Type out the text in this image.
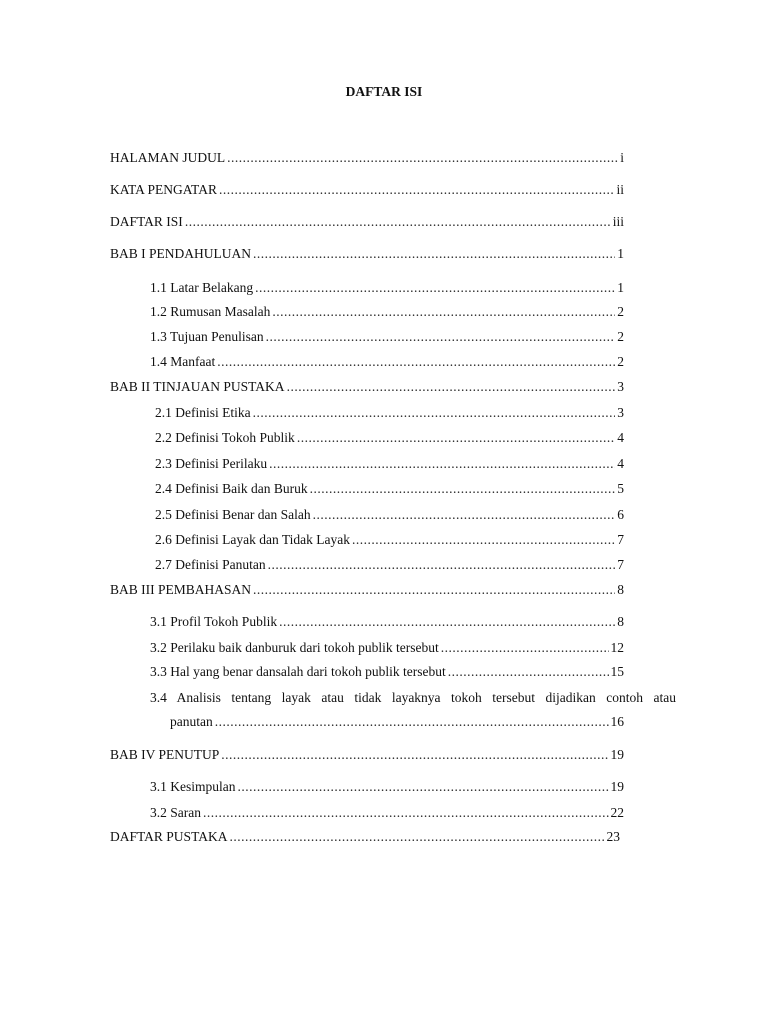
DAFTAR ISI
HALAMAN JUDUL .....	i
KATA PENGATAR .....	ii
DAFTAR ISI .....	iii
BAB I PENDAHULUAN .....	1
1.1 Latar Belakang .....	1
1.2 Rumusan Masalah .....	2
1.3 Tujuan Penulisan .....	2
1.4 Manfaat .....	2
BAB II TINJAUAN PUSTAKA .....	3
2.1 Definisi Etika .....	3
2.2 Definisi Tokoh Publik .....	4
2.3 Definisi Perilaku .....	4
2.4 Definisi Baik dan Buruk .....	5
2.5 Definisi Benar dan Salah .....	6
2.6 Definisi Layak dan Tidak Layak .....	7
2.7 Definisi Panutan .....	7
BAB III PEMBAHASAN .....	8
3.1 Profil Tokoh Publik .....	8
3.2 Perilaku baik danburuk dari tokoh publik tersebut .....	12
3.3 Hal yang benar dansalah dari tokoh publik tersebut .....	15
3.4 Analisis tentang layak atau tidak layaknya tokoh tersebut dijadikan contoh atau
panutan .....	16
BAB IV PENUTUP .....	19
3.1 Kesimpulan .....	19
3.2 Saran .....	22
DAFTAR PUSTAKA .....	23
